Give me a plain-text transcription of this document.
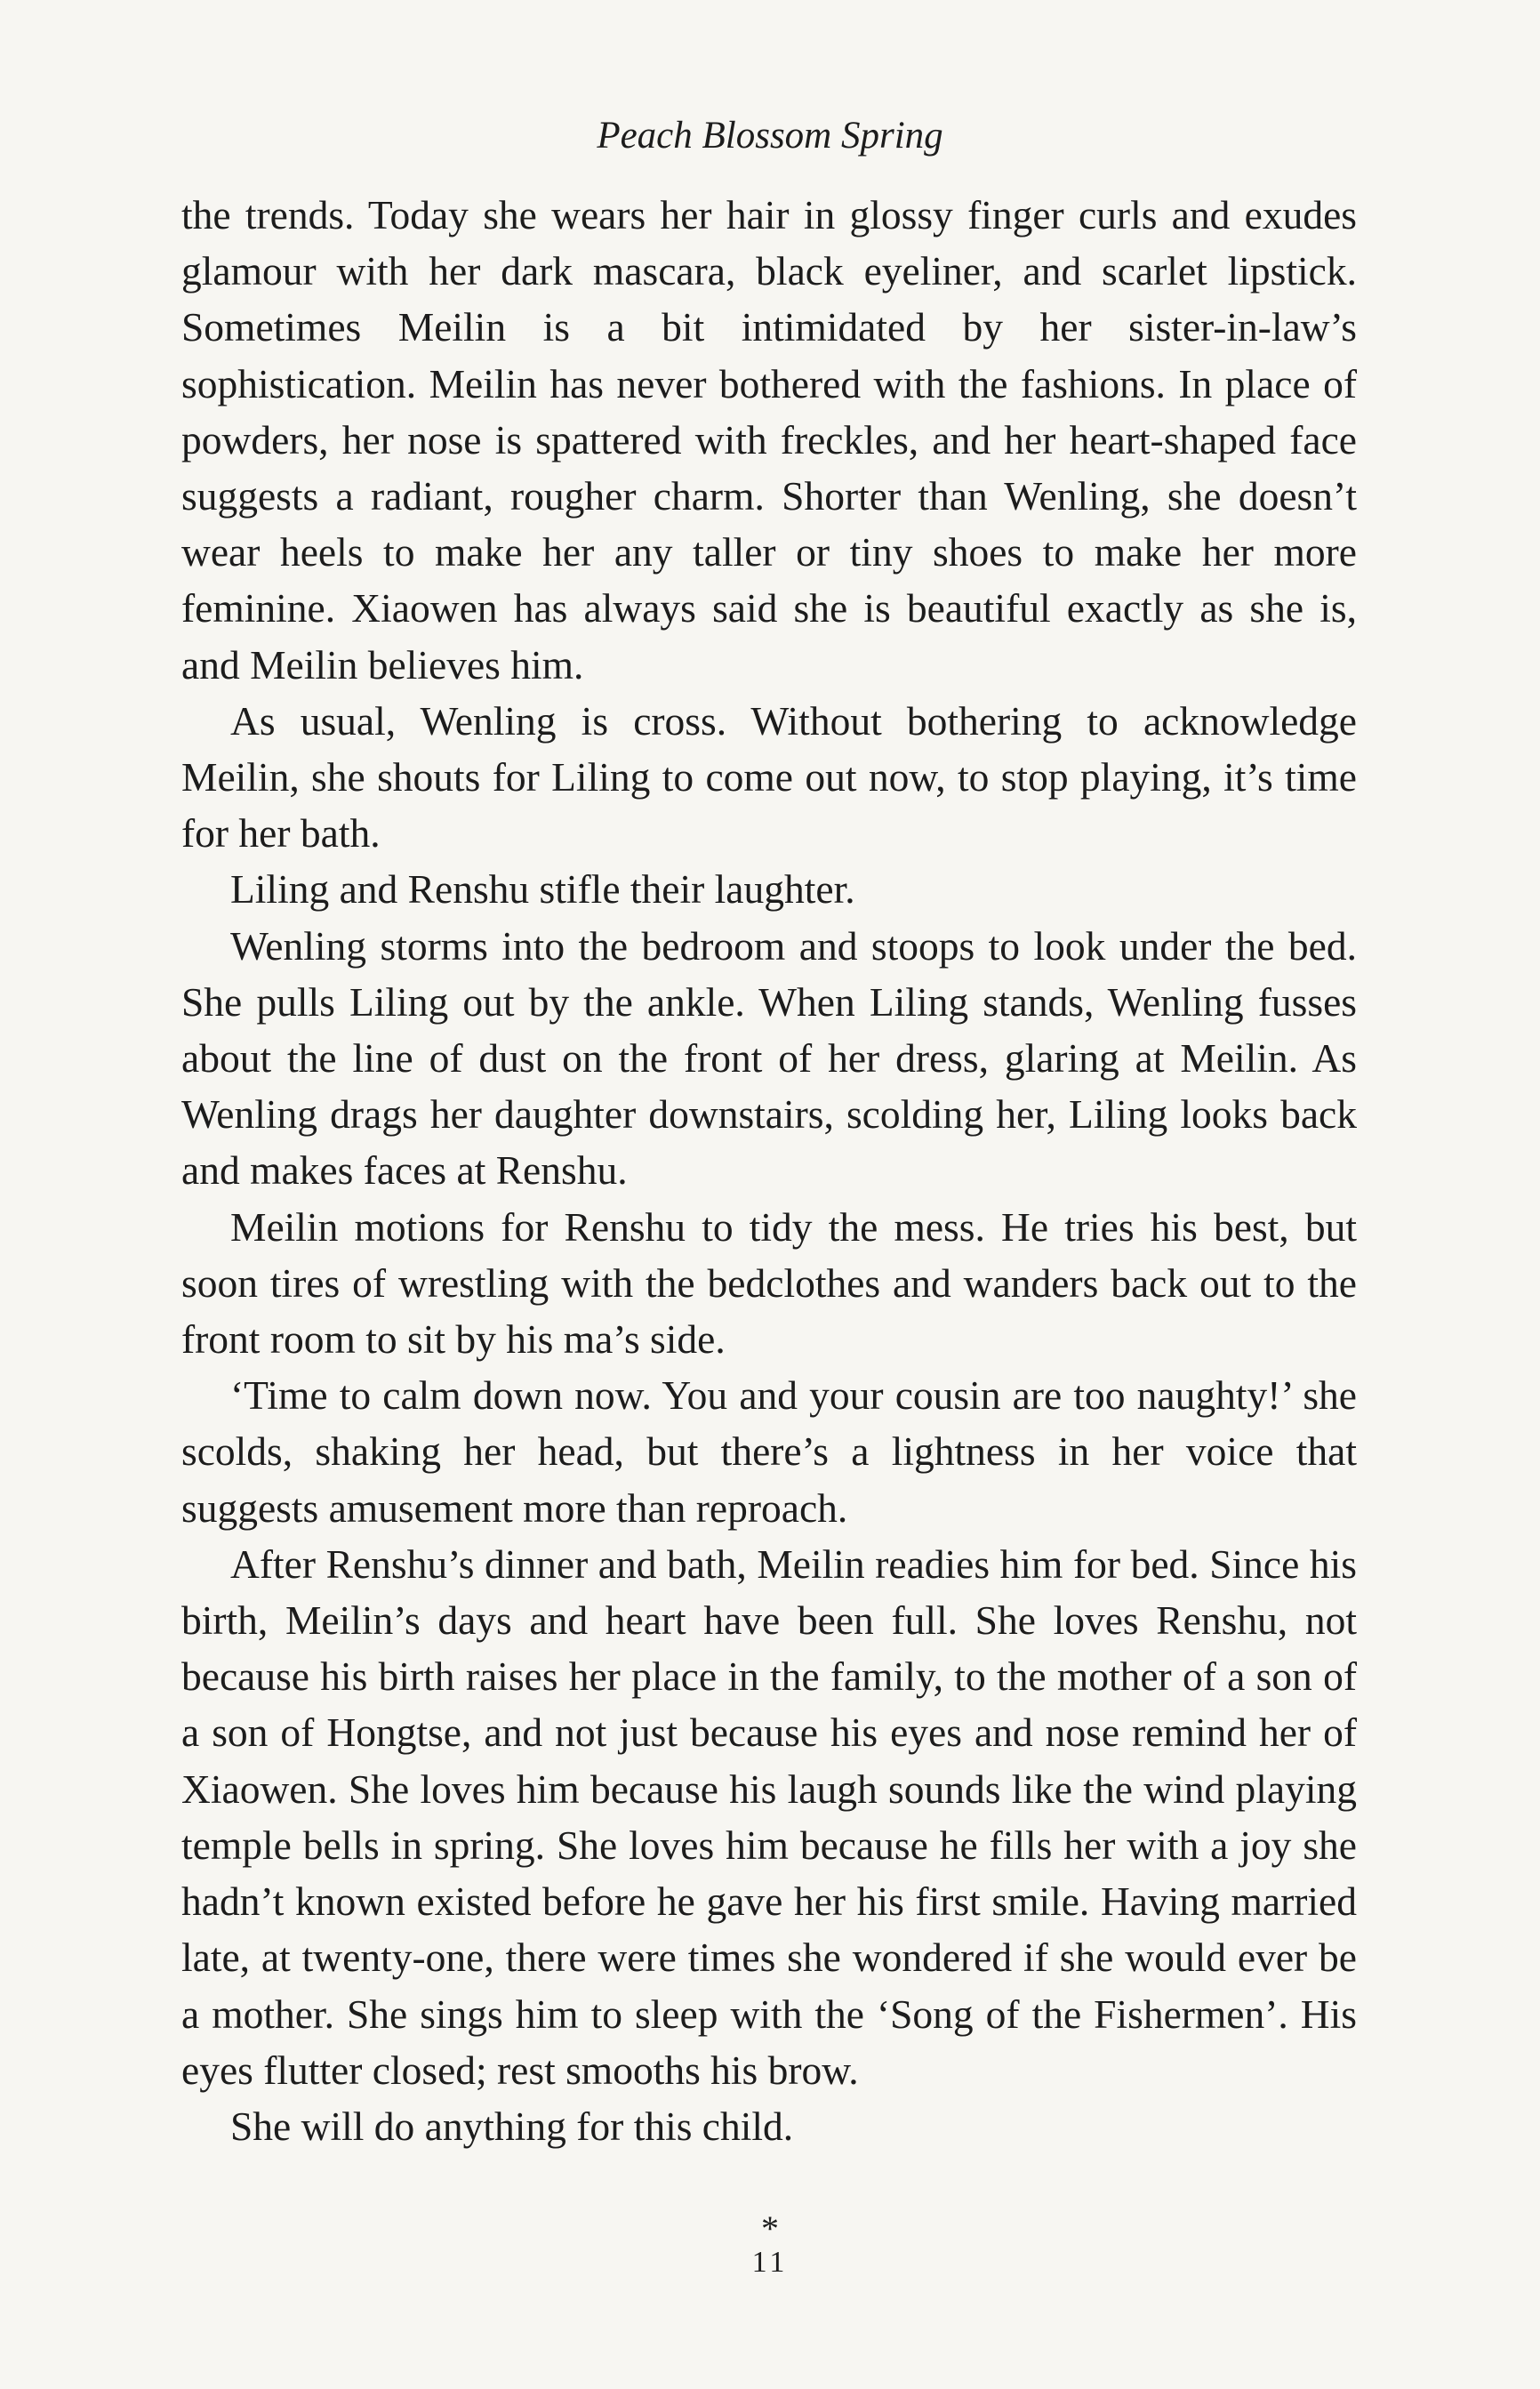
Peach Blossom Spring

the trends. Today she wears her hair in glossy finger curls and exudes glamour with her dark mascara, black eyeliner, and scarlet lipstick. Sometimes Meilin is a bit intimidated by her sister-in-law’s sophistication. Meilin has never bothered with the fashions. In place of powders, her nose is spattered with freckles, and her heart-shaped face suggests a radiant, rougher charm. Shorter than Wenling, she doesn’t wear heels to make her any taller or tiny shoes to make her more feminine. Xiaowen has always said she is beautiful exactly as she is, and Meilin believes him.

As usual, Wenling is cross. Without bothering to acknowledge Meilin, she shouts for Liling to come out now, to stop playing, it’s time for her bath.

Liling and Renshu stifle their laughter.

Wenling storms into the bedroom and stoops to look under the bed. She pulls Liling out by the ankle. When Liling stands, Wenling fusses about the line of dust on the front of her dress, glaring at Meilin. As Wenling drags her daughter downstairs, scolding her, Liling looks back and makes faces at Renshu.

Meilin motions for Renshu to tidy the mess. He tries his best, but soon tires of wrestling with the bedclothes and wanders back out to the front room to sit by his ma’s side.

‘Time to calm down now. You and your cousin are too naughty!’ she scolds, shaking her head, but there’s a lightness in her voice that suggests amusement more than reproach.

After Renshu’s dinner and bath, Meilin readies him for bed. Since his birth, Meilin’s days and heart have been full. She loves Renshu, not because his birth raises her place in the family, to the mother of a son of a son of Hongtse, and not just because his eyes and nose remind her of Xiaowen. She loves him because his laugh sounds like the wind playing temple bells in spring. She loves him because he fills her with a joy she hadn’t known existed before he gave her his first smile. Having married late, at twenty-one, there were times she wondered if she would ever be a mother. She sings him to sleep with the ‘Song of the Fishermen’. His eyes flutter closed; rest smooths his brow.

She will do anything for this child.

*
11
